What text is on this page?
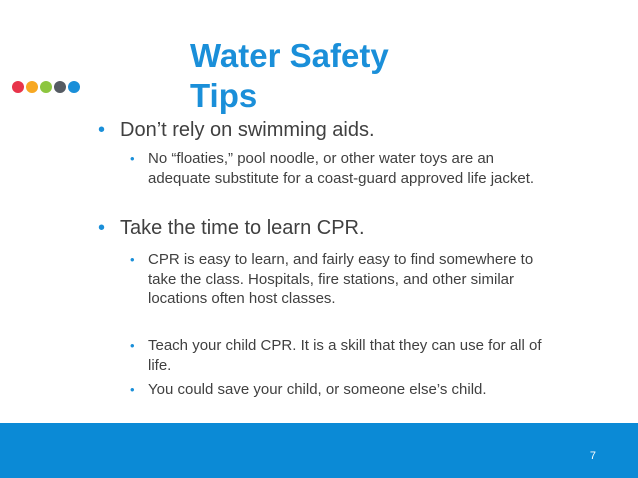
Water Safety Tips
• Don’t rely on swimming aids.
• No “floaties,” pool noodle, or other water toys are an adequate substitute for a coast-guard approved life jacket.
• Take the time to learn CPR.
• CPR is easy to learn, and fairly easy to find somewhere to take the class. Hospitals, fire stations, and other similar locations often host classes.
• Teach your child CPR. It is a skill that they can use for all of life.
• You could save your child, or someone else’s child.
7
